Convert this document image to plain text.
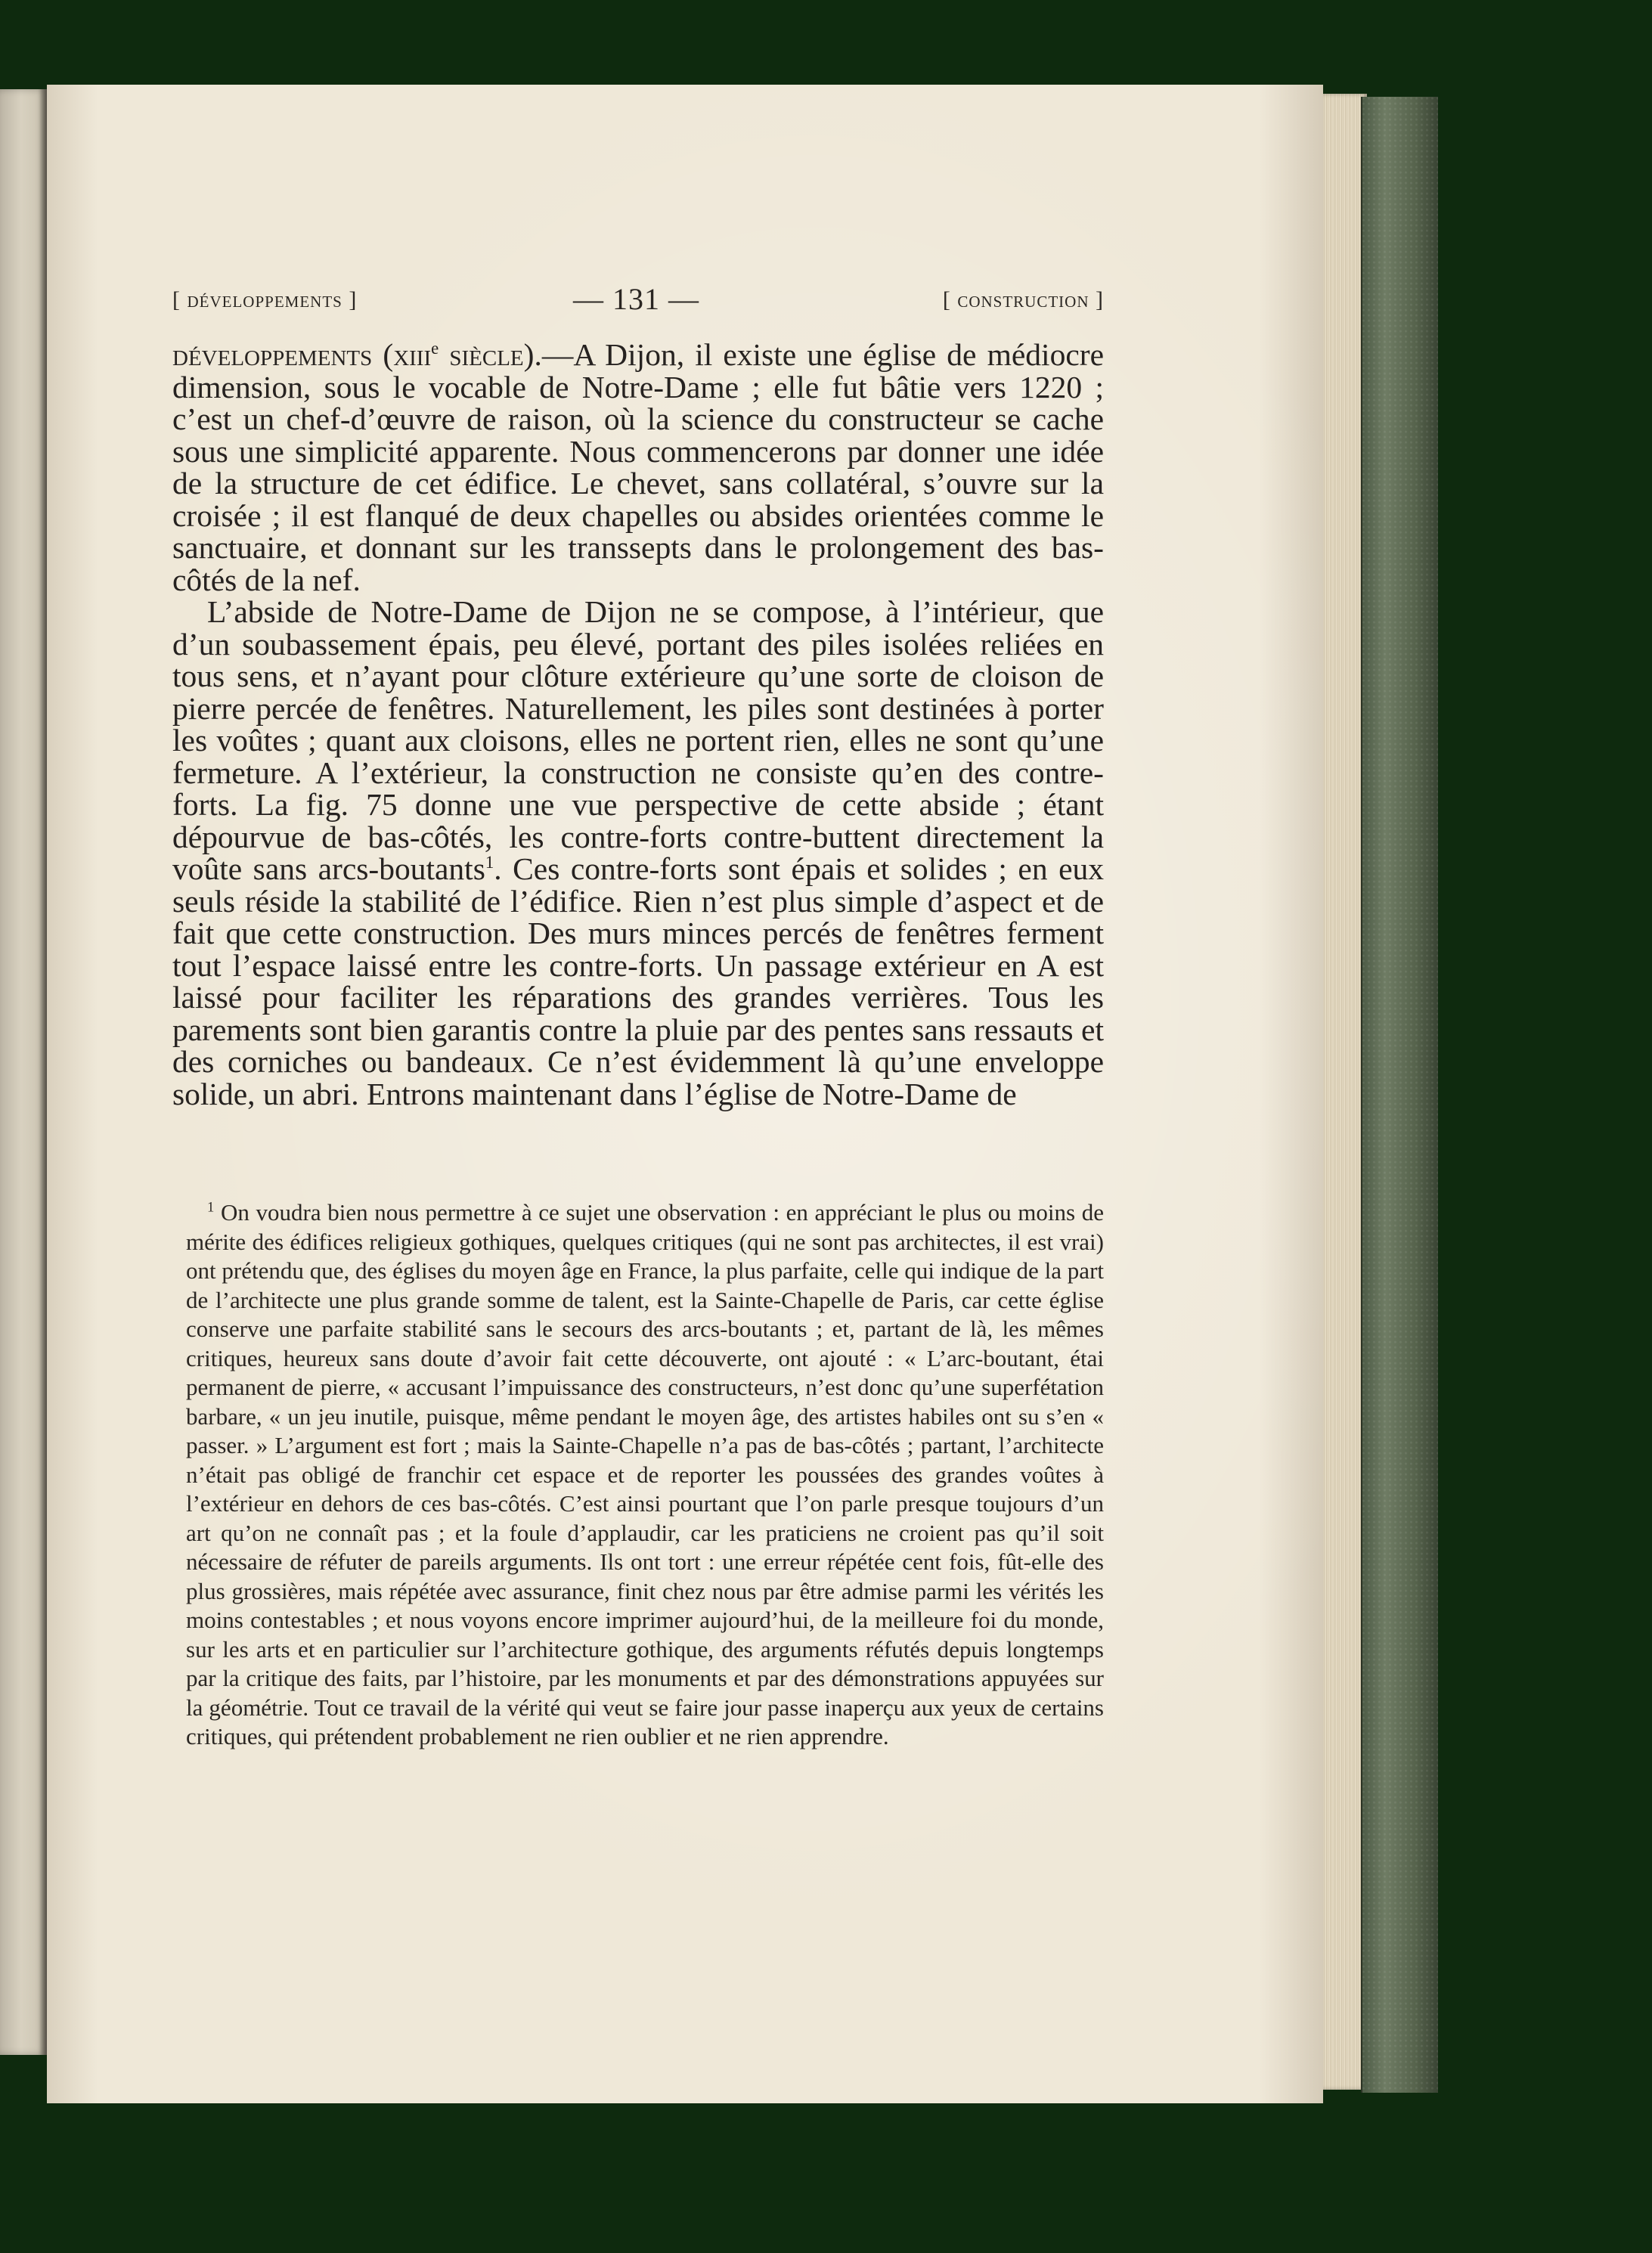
[ développements ]	— 131 —	[ construction ]

développements (xiii$^e$ siècle).—A Dijon, il existe une église de médiocre dimension, sous le vocable de Notre-Dame ; elle fut bâtie vers 1220 ; c’est un chef-d’œuvre de raison, où la science du constructeur se cache sous une simplicité apparente. Nous commencerons par donner une idée de la structure de cet édifice. Le chevet, sans collatéral, s’ouvre sur la croisée ; il est flanqué de deux chapelles ou absides orientées comme le sanctuaire, et donnant sur les transsepts dans le prolongement des bas-côtés de la nef.

L’abside de Notre-Dame de Dijon ne se compose, à l’intérieur, que d’un soubassement épais, peu élevé, portant des piles isolées reliées en tous sens, et n’ayant pour clôture extérieure qu’une sorte de cloison de pierre percée de fenêtres. Naturellement, les piles sont destinées à porter les voûtes ; quant aux cloisons, elles ne portent rien, elles ne sont qu’une fermeture. A l’extérieur, la construction ne consiste qu’en des contre-forts. La fig. 75 donne une vue perspective de cette abside ; étant dépourvue de bas-côtés, les contre-forts contre-buttent directement la voûte sans arcs-boutants$^1$. Ces contre-forts sont épais et solides ; en eux seuls réside la stabilité de l’édifice. Rien n’est plus simple d’aspect et de fait que cette construction. Des murs minces percés de fenêtres ferment tout l’espace laissé entre les contre-forts. Un passage extérieur en A est laissé pour faciliter les réparations des grandes verrières. Tous les parements sont bien garantis contre la pluie par des pentes sans ressauts et des corniches ou bandeaux. Ce n’est évidemment là qu’une enveloppe solide, un abri. Entrons maintenant dans l’église de Notre-Dame de

$^1$ On voudra bien nous permettre à ce sujet une observation : en appréciant le plus ou moins de mérite des édifices religieux gothiques, quelques critiques (qui ne sont pas architectes, il est vrai) ont prétendu que, des églises du moyen âge en France, la plus parfaite, celle qui indique de la part de l’architecte une plus grande somme de talent, est la Sainte-Chapelle de Paris, car cette église conserve une parfaite stabilité sans le secours des arcs-boutants ; et, partant de là, les mêmes critiques, heureux sans doute d’avoir fait cette découverte, ont ajouté : « L’arc-boutant, étai permanent de pierre, « accusant l’impuissance des constructeurs, n’est donc qu’une superfétation barbare, « un jeu inutile, puisque, même pendant le moyen âge, des artistes habiles ont su s’en « passer. » L’argument est fort ; mais la Sainte-Chapelle n’a pas de bas-côtés ; partant, l’architecte n’était pas obligé de franchir cet espace et de reporter les poussées des grandes voûtes à l’extérieur en dehors de ces bas-côtés. C’est ainsi pourtant que l’on parle presque toujours d’un art qu’on ne connaît pas ; et la foule d’applaudir, car les praticiens ne croient pas qu’il soit nécessaire de réfuter de pareils arguments. Ils ont tort : une erreur répétée cent fois, fût-elle des plus grossières, mais répétée avec assurance, finit chez nous par être admise parmi les vérités les moins contestables ; et nous voyons encore imprimer aujourd’hui, de la meilleure foi du monde, sur les arts et en particulier sur l’architecture gothique, des arguments réfutés depuis longtemps par la critique des faits, par l’histoire, par les monuments et par des démonstrations appuyées sur la géométrie. Tout ce travail de la vérité qui veut se faire jour passe inaperçu aux yeux de certains critiques, qui prétendent probablement ne rien oublier et ne rien apprendre.
